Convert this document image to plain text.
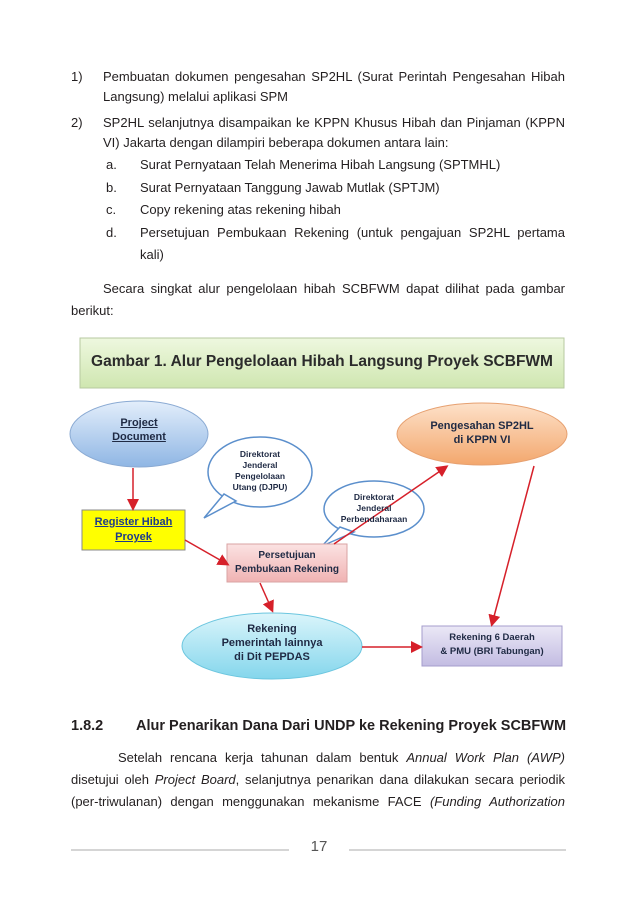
1) Pembuatan dokumen pengesahan SP2HL (Surat Perintah Pengesahan Hibah
Langsung) melalui aplikasi SPM
2) SP2HL selanjutnya disampaikan ke KPPN Khusus Hibah dan Pinjaman (KPPN
VI) Jakarta dengan dilampiri beberapa dokumen antara lain:
a. Surat Pernyataan Telah Menerima Hibah Langsung (SPTMHL)
b. Surat Pernyataan Tanggung Jawab Mutlak (SPTJM)
c. Copy rekening atas rekening hibah
d. Persetujuan Pembukaan Rekening (untuk pengajuan SP2HL pertama
kali)
Secara singkat alur pengelolaan hibah SCBFWM dapat dilihat pada gambar
berikut:
Gambar 1. Alur Pengelolaan Hibah Langsung Proyek SCBFWM
Project
Document
Pengesahan SP2HL
di KPPN VI
Direktorat
Jenderal
Pengelolaan
Utang (DJPU)
Direktorat
Jenderal
Perbendaharaan
Register Hibah
Proyek
Persetujuan
Pembukaan Rekening
Rekening
Pemerintah lainnya
di Dit PEPDAS
Rekening 6 Daerah
& PMU (BRI Tabungan)
1.8.2 Alur Penarikan Dana Dari UNDP ke Rekening Proyek SCBFWM
Setelah rencana kerja tahunan dalam bentuk Annual Work Plan (AWP)
disetujui oleh Project Board, selanjutnya penarikan dana dilakukan secara periodik
(per-triwulanan) dengan menggunakan mekanisme FACE (Funding Authorization
17
